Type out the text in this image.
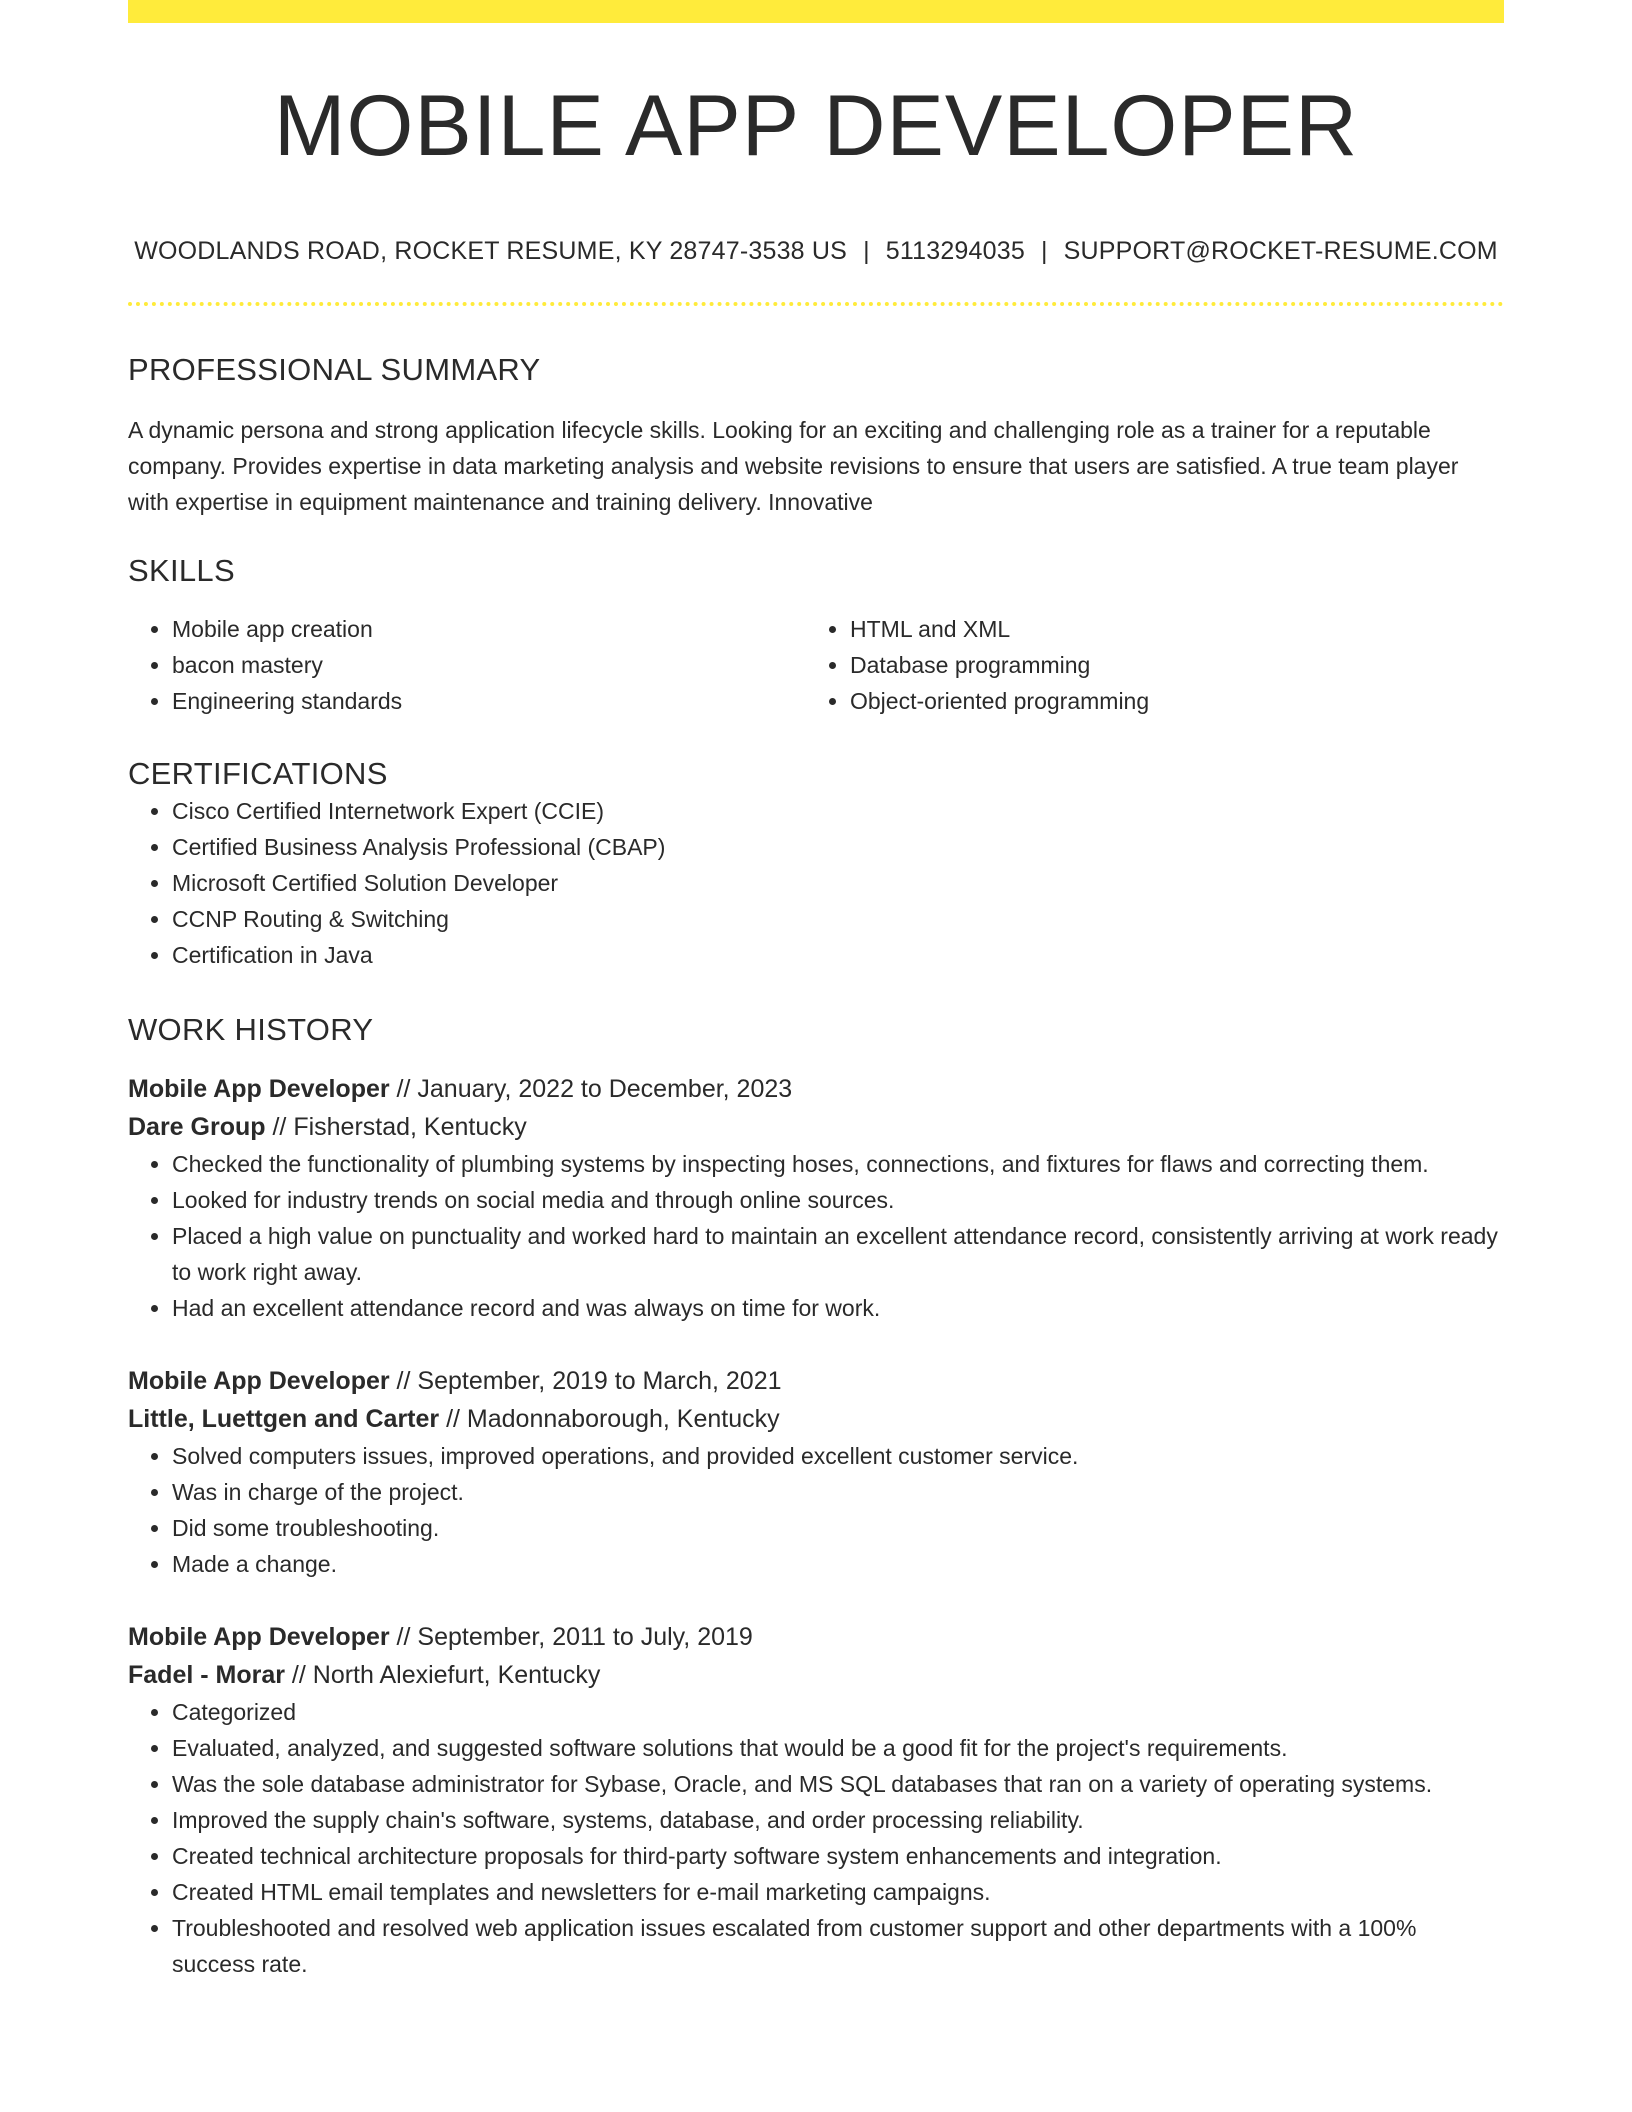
MOBILE APP DEVELOPER
WOODLANDS ROAD, ROCKET RESUME, KY 28747-3538 US | 5113294035 | SUPPORT@ROCKET-RESUME.COM
PROFESSIONAL SUMMARY

A dynamic persona and strong application lifecycle skills. Looking for an exciting and challenging role as a trainer for a reputable company. Provides expertise in data marketing analysis and website revisions to ensure that users are satisfied. A true team player with expertise in equipment maintenance and training delivery. Innovative

SKILLS
• Mobile app creation
• bacon mastery
• Engineering standards
• HTML and XML
• Database programming
• Object-oriented programming
CERTIFICATIONS
• Cisco Certified Internetwork Expert (CCIE)
• Certified Business Analysis Professional (CBAP)
• Microsoft Certified Solution Developer
• CCNP Routing & Switching
• Certification in Java
WORK HISTORY
Mobile App Developer // January, 2022 to December, 2023
Dare Group // Fisherstad, Kentucky
• Checked the functionality of plumbing systems by inspecting hoses, connections, and fixtures for flaws and correcting them.
• Looked for industry trends on social media and through online sources.
• Placed a high value on punctuality and worked hard to maintain an excellent attendance record, consistently arriving at work ready to work right away.
• Had an excellent attendance record and was always on time for work.
Mobile App Developer // September, 2019 to March, 2021
Little, Luettgen and Carter // Madonnaborough, Kentucky
• Solved computers issues, improved operations, and provided excellent customer service.
• Was in charge of the project.
• Did some troubleshooting.
• Made a change.
Mobile App Developer // September, 2011 to July, 2019
Fadel - Morar // North Alexiefurt, Kentucky
• Categorized
• Evaluated, analyzed, and suggested software solutions that would be a good fit for the project's requirements.
• Was the sole database administrator for Sybase, Oracle, and MS SQL databases that ran on a variety of operating systems.
• Improved the supply chain's software, systems, database, and order processing reliability.
• Created technical architecture proposals for third-party software system enhancements and integration.
• Created HTML email templates and newsletters for e-mail marketing campaigns.
• Troubleshooted and resolved web application issues escalated from customer support and other departments with a 100% success rate.
